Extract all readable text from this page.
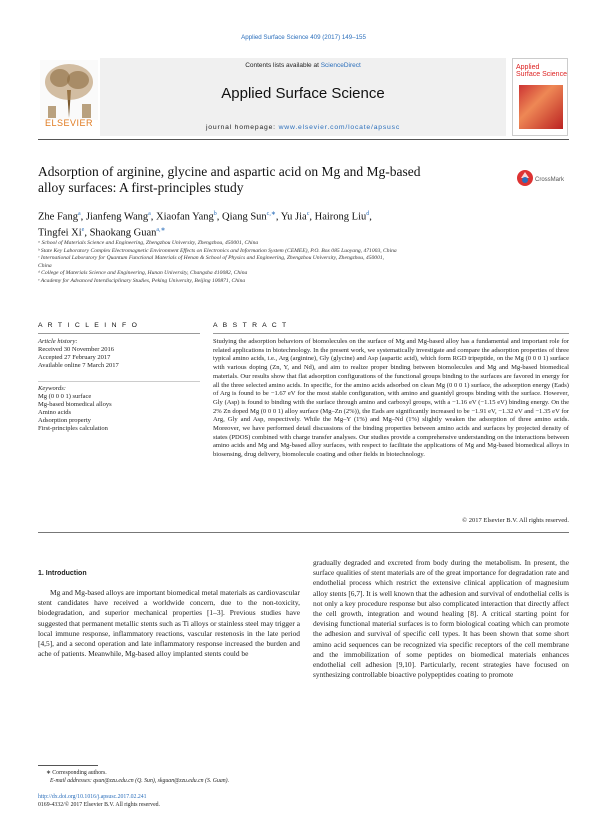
Applied Surface Science 409 (2017) 149–155
ELSEVIER
Contents lists available at ScienceDirect
Applied Surface Science
journal homepage: www.elsevier.com/locate/apsusc
Applied
Surface Science
Adsorption of arginine, glycine and aspartic acid on Mg and Mg-based
alloy surfaces: A first-principles study	CrossMark
Zhe Fang$^a$, Jianfeng Wang$^a$, Xiaofan Yang$^b$, Qiang Sun$^{c,∗}$, Yu Jia$^c$, Hairong Liu$^d$,
Tingfei Xi$^e$, Shaokang Guan$^{a,∗}$
ᵃ School of Materials Science and Engineering, Zhengzhou University, Zhengzhou, 450001, China
ᵇ State Key Laboratory Complex Electromagnetic Environment Effects on Electronics and Information System (CEMEE), P.O. Box 085 Luoyang, 471003, China
ᶜ International Laboratory for Quantum Functional Materials of Henan & School of Physics and Engineering, Zhengzhou University, Zhengzhou, 450001,
China
ᵈ College of Materials Science and Engineering, Hunan University, Changsha 410082, China
ᵉ Academy for Advanced Interdisciplinary Studies, Peking University, Beijing 100871, China
A R T I C L E I N F O
Article history:
Received 30 November 2016
Accepted 27 February 2017
Available online 7 March 2017
Keywords:
Mg (0 0 0 1) surface
Mg-based biomedical alloys
Amino acids
Adsorption property
First-principles calculation
A B S T R A C T
Studying the adsorption behaviors of biomolecules on the surface of Mg and Mg-based alloy has a fundamental and important role for related applications in biotechnology. In the present work, we systematically investigate and compare the adsorption properties of three typical amino acids, i.e., Arg (arginine), Gly (glycine) and Asp (aspartic acid), which form RGD tripeptide, on the Mg (0 0 0 1) surface with various doping (Zn, Y, and Nd), and aim to realize proper binding between biomolecules and Mg and Mg-based biomedical materials. Our results show that flat adsorption configurations of the functional groups binding to the surfaces are favored in energy for all the three selected amino acids. In specific, for the amino acids adsorbed on clean Mg (0 0 0 1) surface, the adsorption energy (Eads) of Arg is found to be −1.67 eV for the most stable configuration, with amino and guanidyl groups binding with the surface. However, Gly (Asp) is found to binding with the surface through amino and carboxyl groups, with a −1.16 eV (−1.15 eV) binding energy. On the 2% Zn doped Mg (0 0 0 1) alloy surface (Mg–Zn (2%)), the Eads are significantly increased to be −1.91 eV, −1.32 eV and −1.35 eV for Arg, Gly and Asp, respectively. While the Mg–Y (1%) and Mg–Nd (1%) slightly weaken the adsorption of three amino acids. Moreover, we have performed detail discussions of the binding properties between amino acids and surfaces by projected density of states (PDOS) combined with charge transfer analyses. Our studies provide a comprehensive understanding on the interactions between amino acids and Mg and Mg-based alloy surfaces, with respect to facilitate the applications of Mg and Mg-based biomedical alloys in biosensing, drug delivery, biomolecule coating and other fields in biotechnology.
© 2017 Elsevier B.V. All rights reserved.
1. Introduction
Mg and Mg-based alloys are important biomedical metal materials as cardiovascular stent candidates have received a worldwide concern, due to the non-toxicity, biodegradation, and superior mechanical properties [1–3]. Previous studies have suggested that permanent metallic stents such as Ti alloys or stainless steel may trigger a local immune response, inflammatory reactions, vascular restenosis in the late period [4,5], and a second operation and late inflammatory response increased the burden and ache of patients. Meanwhile, Mg-based alloy implanted stents could be
gradually degraded and excreted from body during the metabolism. In present, the surface qualities of stent materials are of the great importance for degradation rate and endothelial process which restrict the extensive clinical application of magnesium alloy stents [6,7]. It is well known that the adhesion and survival of endothelial cells is not only a key procedure response but also complicated interaction that directly affect the cell growth, integration and wound healing [8]. A critical starting point for devising functional material surfaces is to form biological coating which can promote the adhesion and survival of specific cell types. It has been shown that some short amino acid sequences can be recognized via specific receptors of the cell membrane and the immobilization of some peptides on biomedical materials enhances endothelial cell adhesion [9,10]. Particularly, recent strategies have focused on synthesizing controllable bioactive polypeptides coating to promote
∗ Corresponding authors.
E-mail addresses: qsun@zzu.edu.cn (Q. Sun), skguan@zzu.edu.cn (S. Guan).
http://dx.doi.org/10.1016/j.apsusc.2017.02.241
0169-4332/© 2017 Elsevier B.V. All rights reserved.
